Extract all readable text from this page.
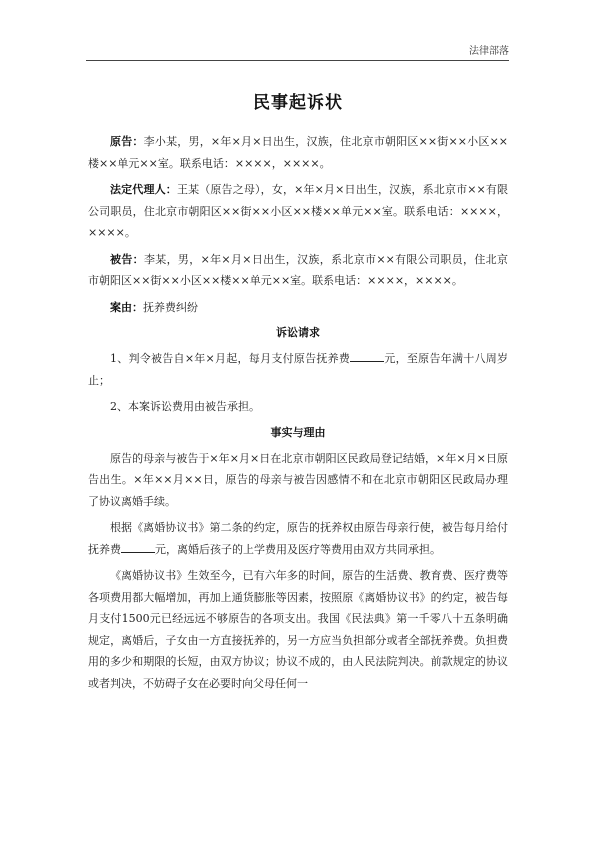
法律部落
民事起诉状

原告：李小某，男，×年×月×日出生，汉族，住北京市朝阳区××街××小区××楼××单元××室。联系电话：××××，××××。

法定代理人：王某（原告之母），女，×年×月×日出生，汉族，系北京市××有限公司职员，住北京市朝阳区××街××小区××楼××单元××室。联系电话：××××，××××。

被告：李某，男，×年×月×日出生，汉族，系北京市××有限公司职员，住北京市朝阳区××街××小区××楼××单元××室。联系电话：××××，××××。

案由：抚养费纠纷

诉讼请求

1、判令被告自×年×月起，每月支付原告抚养费	元，至原告年满十八周岁止；

2、本案诉讼费用由被告承担。

事实与理由

原告的母亲与被告于×年×月×日在北京市朝阳区民政局登记结婚，×年×月×日原告出生。×年××月××日，原告的母亲与被告因感情不和在北京市朝阳区民政局办理了协议离婚手续。

根据《离婚协议书》第二条的约定，原告的抚养权由原告母亲行使，被告每月给付抚养费	元，离婚后孩子的上学费用及医疗等费用由双方共同承担。

《离婚协议书》生效至今，已有六年多的时间，原告的生活费、教育费、医疗费等各项费用都大幅增加，再加上通货膨胀等因素，按照原《离婚协议书》的约定，被告每月支付1500元已经远远不够原告的各项支出。我国《民法典》第一千零八十五条明确规定，离婚后，子女由一方直接抚养的，另一方应当负担部分或者全部抚养费。负担费用的多少和期限的长短，由双方协议；协议不成的，由人民法院判决。前款规定的协议或者判决，不妨碍子女在必要时向父母任何一
